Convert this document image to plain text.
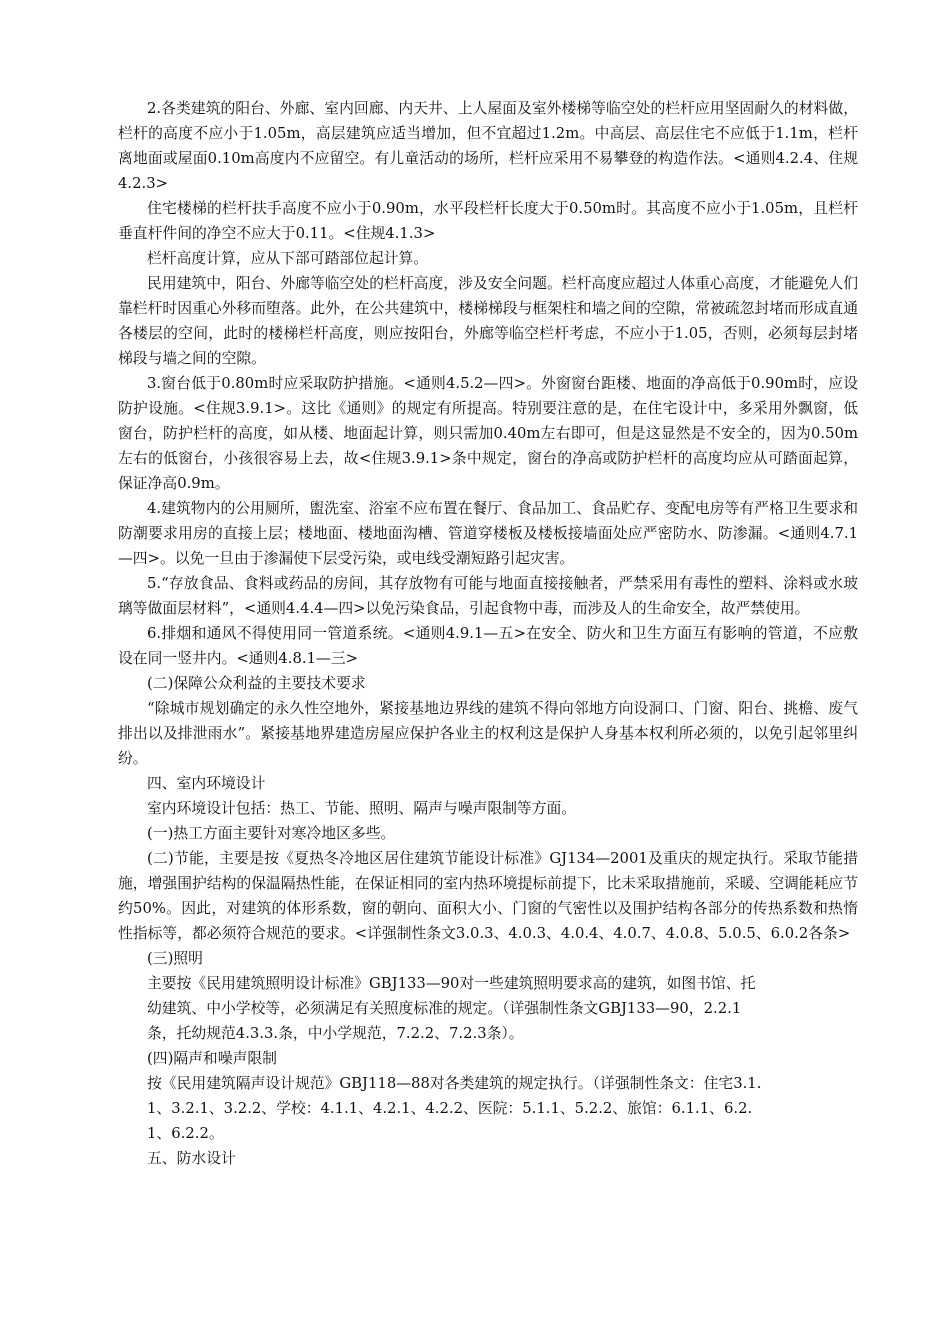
2.各类建筑的阳台、外廊、室内回廊、内天井、上人屋面及室外楼梯等临空处的栏杆应用坚固耐久的材料做，栏杆的高度不应小于1.05m，高层建筑应适当增加，但不宜超过1.2m。中高层、高层住宅不应低于1.1m，栏杆离地面或屋面0.10m高度内不应留空。有儿童活动的场所，栏杆应采用不易攀登的构造作法。<通则4.2.4、住规4.2.3>

住宅楼梯的栏杆扶手高度不应小于0.90m，水平段栏杆长度大于0.50m时。其高度不应小于1.05m，且栏杆垂直杆件间的净空不应大于0.11。<住规4.1.3>

栏杆高度计算，应从下部可踏部位起计算。

民用建筑中，阳台、外廊等临空处的栏杆高度，涉及安全问题。栏杆高度应超过人体重心高度，才能避免人们靠栏杆时因重心外移而堕落。此外，在公共建筑中，楼梯梯段与框架柱和墙之间的空隙，常被疏忽封堵而形成直通各楼层的空间，此时的楼梯栏杆高度，则应按阳台，外廊等临空栏杆考虑，不应小于1.05，否则，必须每层封堵梯段与墙之间的空隙。

3.窗台低于0.80m时应采取防护措施。<通则4.5.2—四>。外窗窗台距楼、地面的净高低于0.90m时，应设防护设施。<住规3.9.1>。这比《通则》的规定有所提高。特别要注意的是，在住宅设计中，多采用外飘窗，低窗台，防护栏杆的高度，如从楼、地面起计算，则只需加0.40m左右即可，但是这显然是不安全的，因为0.50m左右的低窗台，小孩很容易上去，故<住规3.9.1>条中规定，窗台的净高或防护栏杆的高度均应从可踏面起算，保证净高0.9m。

4.建筑物内的公用厕所，盥洗室、浴室不应布置在餐厅、食品加工、食品贮存、变配电房等有严格卫生要求和防潮要求用房的直接上层；楼地面、楼地面沟槽、管道穿楼板及楼板接墙面处应严密防水、防渗漏。<通则4.7.1—四>。以免一旦由于渗漏使下层受污染，或电线受潮短路引起灾害。

5.“存放食品、食料或药品的房间，其存放物有可能与地面直接接触者，严禁采用有毒性的塑料、涂料或水玻璃等做面层材料”，<通则4.4.4—四>以免污染食品，引起食物中毒，而涉及人的生命安全，故严禁使用。

6.排烟和通风不得使用同一管道系统。<通则4.9.1—五>在安全、防火和卫生方面互有影响的管道，不应敷设在同一竖井内。<通则4.8.1—三>

(二)保障公众利益的主要技术要求

“除城市规划确定的永久性空地外，紧接基地边界线的建筑不得向邻地方向设洞口、门窗、阳台、挑檐、废气排出以及排泄雨水”。紧接基地界建造房屋应保护各业主的权利这是保护人身基本权利所必须的，以免引起邻里纠纷。

四、室内环境设计

室内环境设计包括：热工、节能、照明、隔声与噪声限制等方面。

(一)热工方面主要针对寒冷地区多些。

(二)节能，主要是按《夏热冬冷地区居住建筑节能设计标准》GJ134—2001及重庆的规定执行。采取节能措施，增强围护结构的保温隔热性能，在保证相同的室内热环境提标前提下，比未采取措施前，采暖、空调能耗应节约50%。因此，对建筑的体形系数，窗的朝向、面积大小、门窗的气密性以及围护结构各部分的传热系数和热惰性指标等，都必须符合规范的要求。<详强制性条文3.0.3、4.0.3、4.0.4、4.0.7、4.0.8、5.0.5、6.0.2各条>

(三)照明

主要按《民用建筑照明设计标准》GBJ133—90对一些建筑照明要求高的建筑，如图书馆、托幼建筑、中小学校等，必须满足有关照度标准的规定。（详强制性条文GBJ133—90，2.2.1条，托幼规范4.3.3.条，中小学规范，7.2.2、7.2.3条）。

(四)隔声和噪声限制

按《民用建筑隔声设计规范》GBJ118—88对各类建筑的规定执行。（详强制性条文：住宅3.1.1、3.2.1、3.2.2、学校：4.1.1、4.2.1、4.2.2、医院：5.1.1、5.2.2、旅馆：6.1.1、6.2.1、6.2.2。

五、防水设计
